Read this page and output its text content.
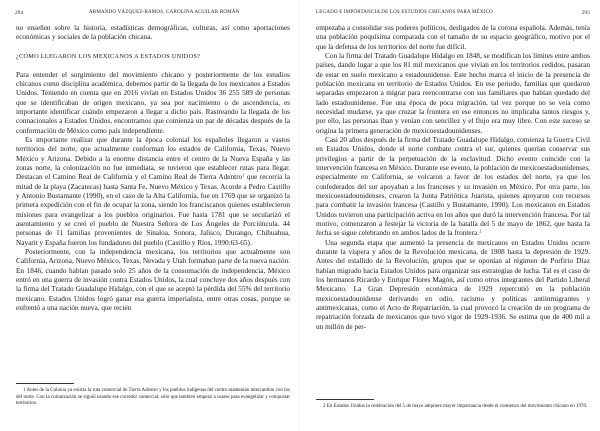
294	ARMANDO VÁZQUEZ-RAMOS, CAROLINA AGUILAR ROMÁN

no enseñen sobre la historia, estadísticas demográficas, culturas, así como aportaciones económicas y sociales de la población chicana.

¿CÓMO LLEGARON LOS MEXICANOS A ESTADOS UNIDOS?

Para entender el surgimiento del movimiento chicano y posteriormente de los estudios chicanos como disciplina académica, debemos partir de la llegada de los mexicanos a Estados Unidos. Teniendo en cuenta que en 2016 vivían en Estados Unidos 36 255 589 de personas que se identificaban de origen mexicano, ya sea por nacimiento o de ascendencia, es importante identificar cuándo empezaron a llegar a dicho país. Rastreando la llegada de los connacionales a Estados Unidos, encontramos que comienza un par de décadas después de la conformación de México como país independiente.

Es importante realizar que durante la época colonial los españoles llegaron a vastos territorios del norte, que actualmente conforman los estados de California, Texas, Nuevo México y Arizona. Debido a la enorme distancia entre el centro de la Nueva España y las zonas norte, la colonización no fue inmediata, se tuvieron que establecer rutas para llegar. Destacan el Camino Real de California y el Camino Real de Tierra Adentro$^1$ que recorría la mitad de la playa (Zacatecas) hasta Santa Fe, Nuevo México y Texas. Acorde a Pedro Castillo y Antonio Bustamante (1990), en el caso de la Alta California, fue en 1769 que se organizó la primera expedición con el fin de ocupar la zona, siendo los franciscanos quienes establecieron misiones para evangelizar a los pueblos originarios. Fue hasta 1781 que se secularizó el asentamiento y se creó el pueblo de Nuestra Señora de Los Ángeles de Porciúncula. 44 personas de 11 familias provenientes de Sinaloa, Sonora, Jalisco, Durango, Chihuahua, Nayarit y España fueron los fundadores del pueblo (Castillo y Ríos, 1990:63-65).

Posteriormente, con la independencia mexicana, los territorios que actualmente son California, Arizona, Nuevo México, Texas, Nevada y Utah formaban parte de la nueva nación. En 1846, cuando habían pasado solo 25 años de la consumación de independencia, México entró en una guerra de invasión contra Estados Unidos, la cual concluye dos años después con la firma del Tratado Guadalupe Hidalgo, con el que se aceptó la pérdida del 55% del territorio mexicano. Estados Unidos logró ganar esa guerra imperialista, entre otras cosas, porque se enfrentó a una nación nueva, que recién

1 Antes de la Colonia ya existía la ruta comercial de Tierra Adentro y los pueblos indígenas del centro mantenían intercambio con los del norte. Con la colonización se siguió usando ese corredor comercial, sólo que también empezó a usarse para evangelizar y conquistar territorios.
LEGADO E IMPORTANCIA DE LOS ESTUDIOS CHICANOS PARA MÉXICO	295

empezaba a consolidar sus poderes políticos, desligados de la corona española. Además, tenía una población poquísima comparada con el tamaño de su espacio geográfico, motivo por el que la defensa de los territorios del norte fue difícil.

Con la firma del Tratado Guadalupe Hidalgo en 1848, se modifican los límites entre ambos países, dando lugar a que los 81 mil mexicanos que vivían en los territorios cedidos, pasaran de estar en suelo mexicano a estadounidense. Este hecho marca el inicio de la presencia de población mexicana en territorio de Estados Unidos. En ese periodo, familias que quedaron separadas empezaron a migrar para reencontrarse con sus familiares que habían quedado del lado estadounidense. Fue una época de poca migración, tal vez porque no se veía como necesidad mudarse, ya que cruzar la frontera en ese entonces no implicaba tantos riesgos y, por ello, las personas iban y venían con sencillez y el flujo era muy libre. Con este suceso se origina la primera generación de mexicoestadounidenses.

Casi 20 años después de la firma del Tratado Guadalupe Hidalgo, comienza la Guerra Civil en Estados Unidos, donde el norte combate contra el sur, quienes querían conservar sus privilegios a partir de la perpetuación de la esclavitud. Dicho evento coincide con la intervención francesa en México. Durante ese evento, la población de mexicoestadounidenses, especialmente en California, se volcaron a favor de los estados del norte, ya que los confederados del sur apoyaban a los franceses y su invasión en México. Por otra parte, los mexicoestadounidenses, crearon la Junta Patriótica Juarista, quienes apoyaron con recursos para combatir la invasión francesa (Castillo y Bustamante, 1990). Los mexicanos en Estados Unidos tuvieron una participación activa en los años que duró la intervención francesa. Por tal motivo, comenzaron a festejar la victoria de la batalla del 5 de mayo de 1862, que hasta la fecha se sigue celebrando en ambos lados de la frontera.$^2$

Una segunda etapa que aumentó la presencia de mexicanos en Estados Unidos ocurre durante la víspera y años de la Revolución mexicana, de 1908 hasta la depresión de 1929. Antes del estallido de la Revolución, grupos que se oponían al régimen de Porfirio Díaz habían migrado hacia Estados Unidos para organizar sus estrategias de lucha. Tal es el caso de los hermanos Ricardo y Enrique Flores Magón, así como otros integrantes del Partido Liberal Mexicano. La Gran Depresión económica de 1929 repercutió en la población mexicoestadounidense derivando en odio, racismo y políticas antiinmigrantes y antimexicanas, como el Acto de Repatriación, la cual provocó la creación de un programa de repatriación forzada de mexicanos que tuvo vigor de 1929-1936. Se estima que de 400 mil a un millón de per-

2 En Estados Unidos la celebración del 5 de mayo adquiere mayor importancia desde el comienzo del movimiento chicano en 1970.
